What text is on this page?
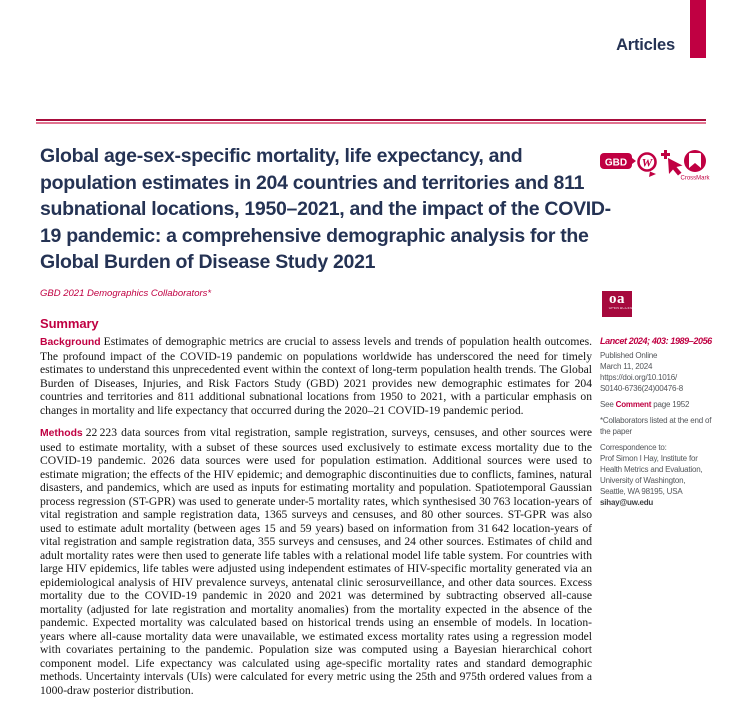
Articles
Global age-sex-specific mortality, life expectancy, and population estimates in 204 countries and territories and 811 subnational locations, 1950–2021, and the impact of the COVID-19 pandemic: a comprehensive demographic analysis for the Global Burden of Disease Study 2021
GBD 2021 Demographics Collaborators*
Summary

Background Estimates of demographic metrics are crucial to assess levels and trends of population health outcomes. The profound impact of the COVID-19 pandemic on populations worldwide has underscored the need for timely estimates to understand this unprecedented event within the context of long-term population health trends. The Global Burden of Diseases, Injuries, and Risk Factors Study (GBD) 2021 provides new demographic estimates for 204 countries and territories and 811 additional subnational locations from 1950 to 2021, with a particular emphasis on changes in mortality and life expectancy that occurred during the 2020–21 COVID-19 pandemic period.

Methods 22 223 data sources from vital registration, sample registration, surveys, censuses, and other sources were used to estimate mortality, with a subset of these sources used exclusively to estimate excess mortality due to the COVID-19 pandemic. 2026 data sources were used for population estimation. Additional sources were used to estimate migration; the effects of the HIV epidemic; and demographic discontinuities due to conflicts, famines, natural disasters, and pandemics, which are used as inputs for estimating mortality and population. Spatiotemporal Gaussian process regression (ST-GPR) was used to generate under-5 mortality rates, which synthesised 30 763 location-years of vital registration and sample registration data, 1365 surveys and censuses, and 80 other sources. ST-GPR was also used to estimate adult mortality (between ages 15 and 59 years) based on information from 31 642 location-years of vital registration and sample registration data, 355 surveys and censuses, and 24 other sources. Estimates of child and adult mortality rates were then used to generate life tables with a relational model life table system. For countries with large HIV epidemics, life tables were adjusted using independent estimates of HIV-specific mortality generated via an epidemiological analysis of HIV prevalence surveys, antenatal clinic serosurveillance, and other data sources. Excess mortality due to the COVID-19 pandemic in 2020 and 2021 was determined by subtracting observed all-cause mortality (adjusted for late registration and mortality anomalies) from the mortality expected in the absence of the pandemic. Expected mortality was calculated based on historical trends using an ensemble of models. In location-years where all-cause mortality data were unavailable, we estimated excess mortality rates using a regression model with covariates pertaining to the pandemic. Population size was computed using a Bayesian hierarchical cohort component model. Life expectancy was calculated using age-specific mortality rates and standard demographic methods. Uncertainty intervals (UIs) were calculated for every metric using the 25th and 975th ordered values from a 1000-draw posterior distribution.

GBD W
CrossMark
oa
OPEN ACCESS
Lancet 2024; 403: 1989–2056
Published Online
March 11, 2024
https://doi.org/10.1016/
S0140-6736(24)00476-8
See Comment page 1952
*Collaborators listed at the end of the paper
Correspondence to:
Prof Simon I Hay, Institute for
Health Metrics and Evaluation,
University of Washington,
Seattle, WA 98195, USA
sihay@uw.edu
